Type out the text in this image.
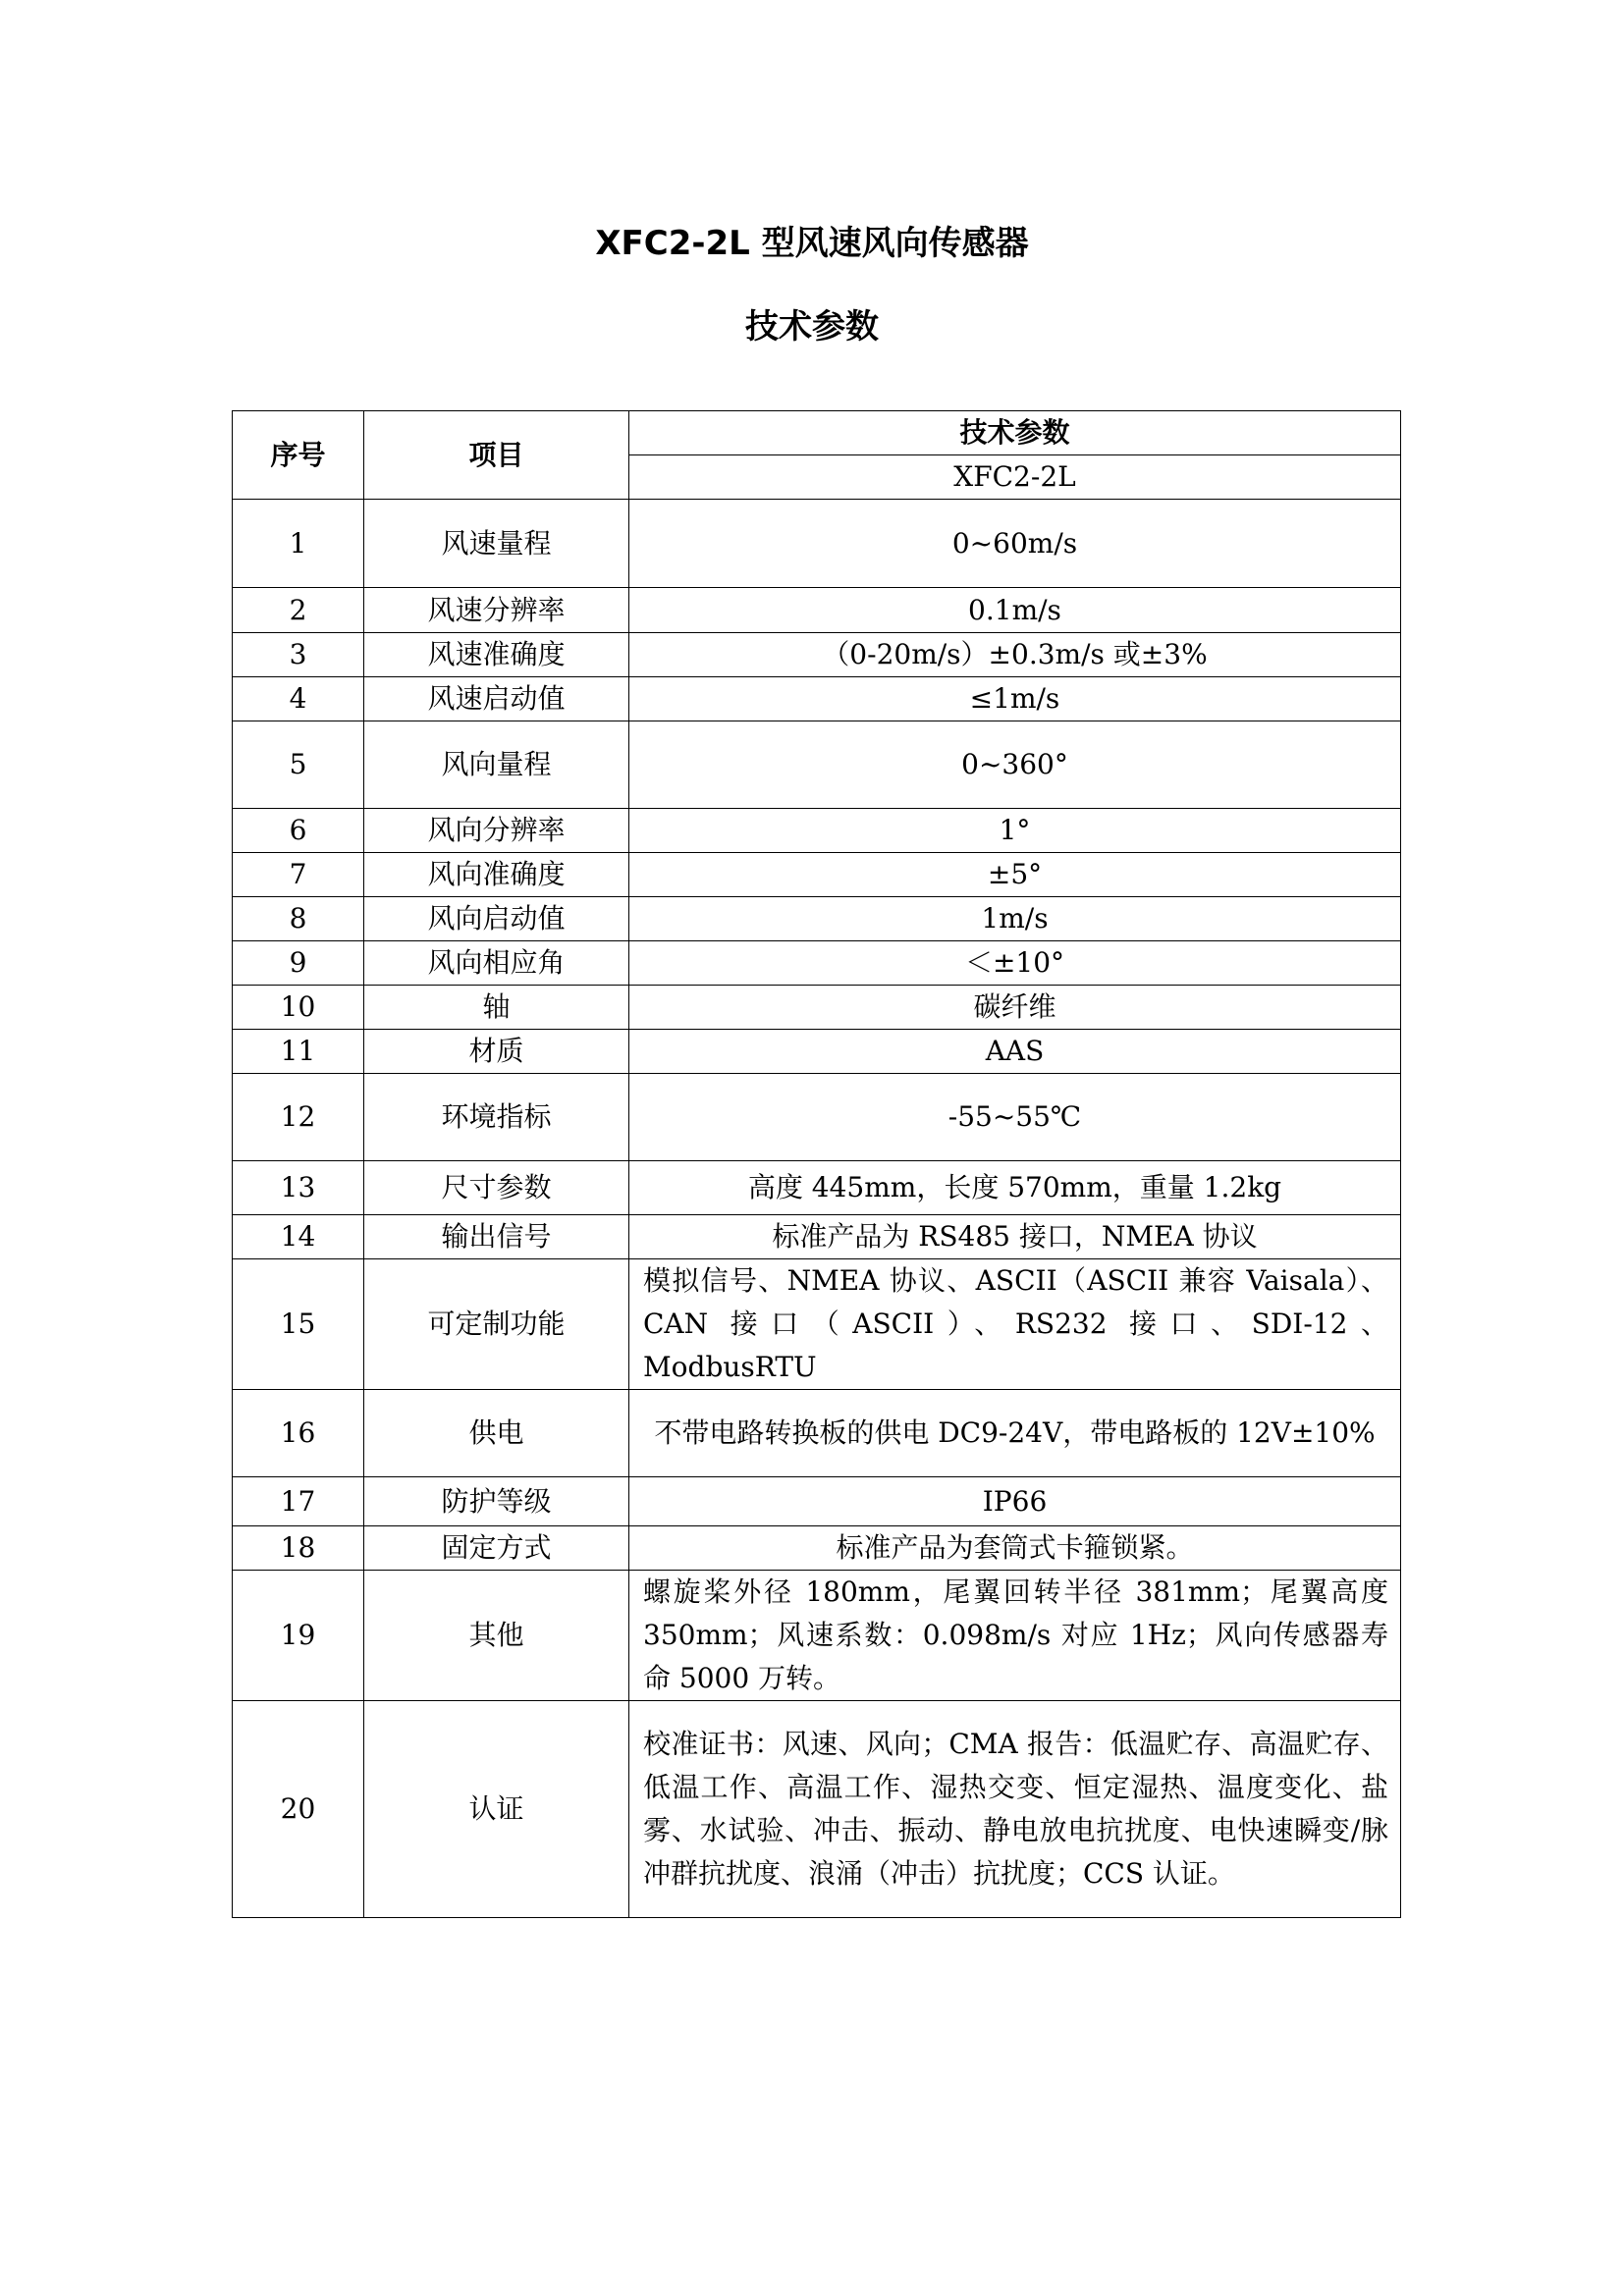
XFC2-2L 型风速风向传感器
技术参数
序号	项目	技术参数
		XFC2-2L
1	风速量程	0~60m/s
2	风速分辨率	0.1m/s
3	风速准确度	（0-20m/s）±0.3m/s 或±3%
4	风速启动值	≤1m/s
5	风向量程	0~360°
6	风向分辨率	1°
7	风向准确度	±5°
8	风向启动值	1m/s
9	风向相应角	＜±10°
10	轴	碳纤维
11	材质	AAS
12	环境指标	-55~55℃
13	尺寸参数	高度 445mm，长度 570mm，重量 1.2kg
14	输出信号	标准产品为 RS485 接口，NMEA 协议
15	可定制功能	模拟信号、NMEA 协议、ASCII（ASCII 兼容 Vaisala）、CAN 接口（ASCII）、RS232 接口、SDI-12、ModbusRTU
16	供电	不带电路转换板的供电 DC9-24V，带电路板的 12V±10%
17	防护等级	IP66
18	固定方式	标准产品为套筒式卡箍锁紧。
19	其他	螺旋桨外径 180mm，尾翼回转半径 381mm；尾翼高度 350mm；风速系数：0.098m/s 对应 1Hz；风向传感器寿命 5000 万转。
20	认证	校准证书：风速、风向；CMA 报告：低温贮存、高温贮存、低温工作、高温工作、湿热交变、恒定湿热、温度变化、盐雾、水试验、冲击、振动、静电放电抗扰度、电快速瞬变/脉冲群抗扰度、浪涌（冲击）抗扰度；CCS 认证。
